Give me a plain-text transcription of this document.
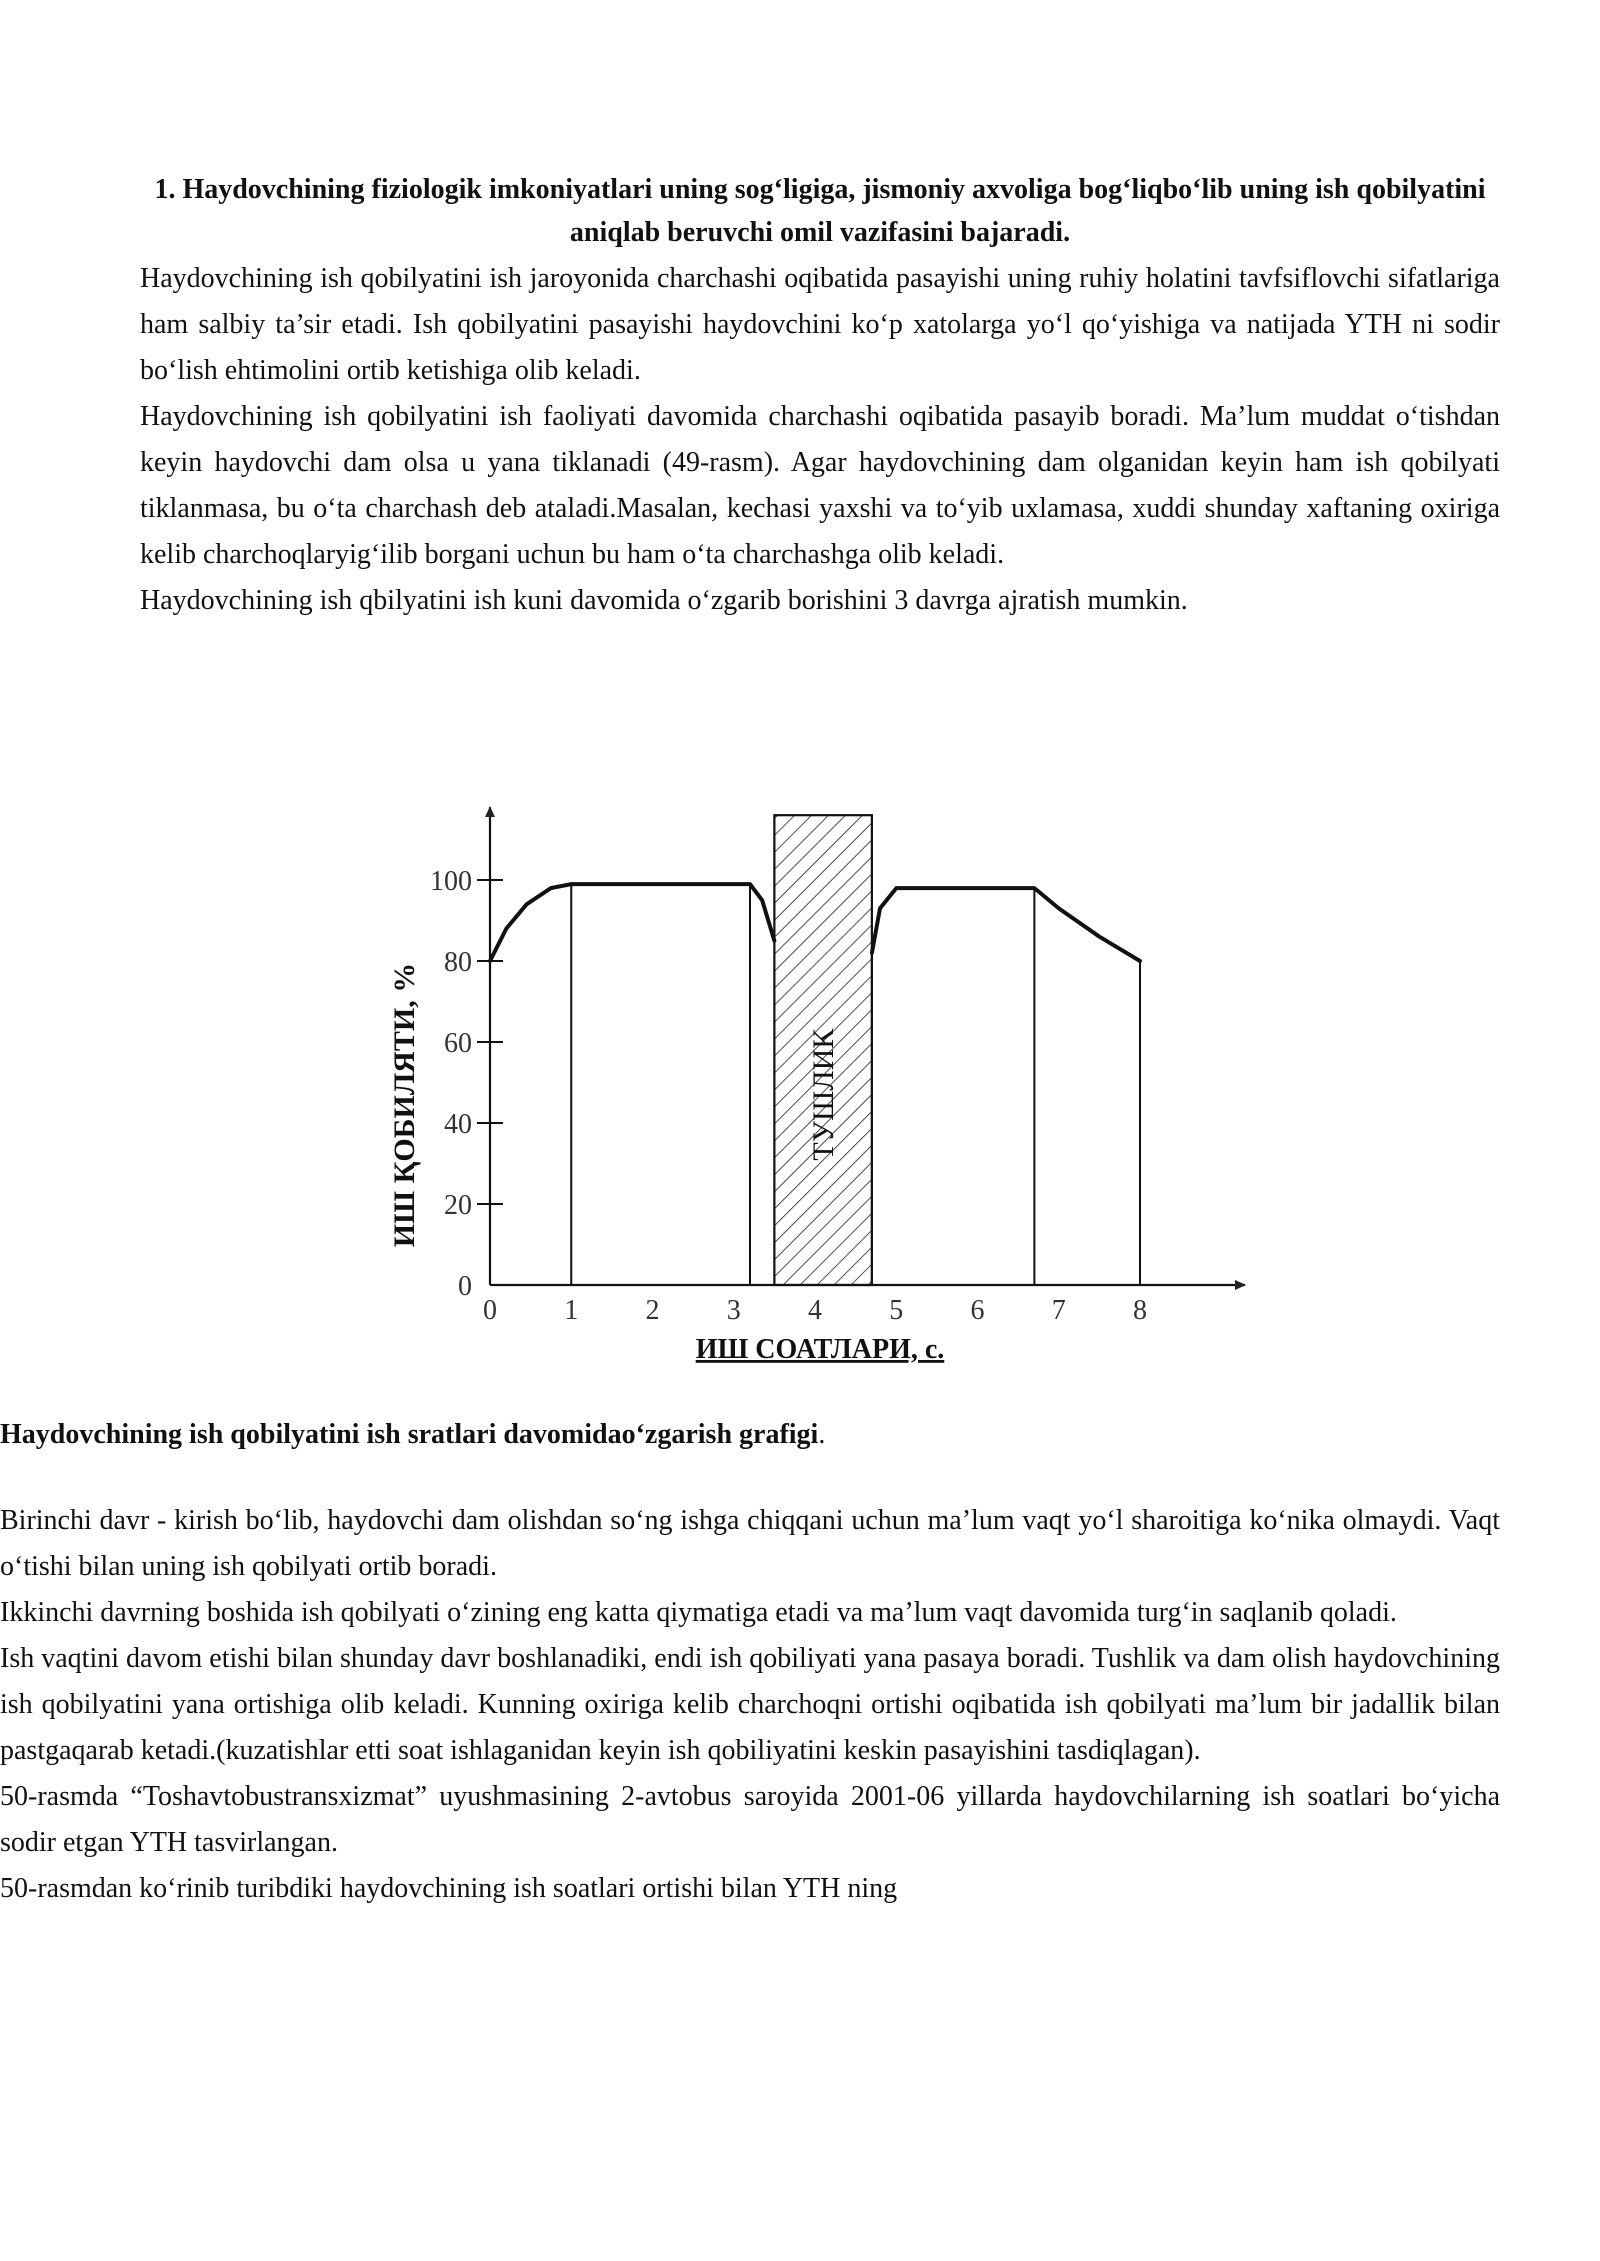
1. Haydovchining fiziologik imkoniyatlari uning sog‘ligiga, jismoniy axvoliga bog‘liqbo‘lib uning ish qobilyatini aniqlab beruvchi omil vazifasini bajaradi.

Haydovchining ish qobilyatini ish jaroyonida charchashi oqibatida pasayishi uning ruhiy holatini tavfsiflovchi sifatlariga ham salbiy ta’sir etadi. Ish qobilyatini pasayishi haydovchini ko‘p xatolarga yo‘l qo‘yishiga va natijada YTH ni sodir bo‘lish ehtimolini ortib ketishiga olib keladi.

Haydovchining ish qobilyatini ish faoliyati davomida charchashi oqibatida pasayib boradi. Ma’lum muddat o‘tishdan keyin haydovchi dam olsa u yana tiklanadi (49-rasm). Agar haydovchining dam olganidan keyin ham ish qobilyati tiklanmasa, bu o‘ta charchash deb ataladi.Masalan, kechasi yaxshi va to‘yib uxlamasa, xuddi shunday xaftaning oxiriga kelib charchoqlaryig‘ilib borgani uchun bu ham o‘ta charchashga olib keladi.

Haydovchining ish qbilyatini ish kuni davomida o‘zgarib borishini 3 davrga ajratish mumkin.

ТУШЛИК
0
20
40
60
80
100
0 1 2 3 4 5 6 7 8
ИШ ҚОБИЛЯТИ, %
ИШ СОАТЛАРИ, с.
Haydovchining ish qobilyatini ish sratlari davomidao‘zgarish grafigi.

Birinchi davr - kirish bo‘lib, haydovchi dam olishdan so‘ng ishga chiqqani uchun ma’lum vaqt yo‘l sharoitiga ko‘nika olmaydi. Vaqt o‘tishi bilan uning ish qobilyati ortib boradi.

Ikkinchi davrning boshida ish qobilyati o‘zining eng katta qiymatiga etadi va ma’lum vaqt davomida turg‘in saqlanib qoladi.

Ish vaqtini davom etishi bilan shunday davr boshlanadiki, endi ish qobiliyati yana pasaya boradi. Tushlik va dam olish haydovchining ish qobilyatini yana ortishiga olib keladi. Kunning oxiriga kelib charchoqni ortishi oqibatida ish qobilyati ma’lum bir jadallik bilan pastgaqarab ketadi.(kuzatishlar etti soat ishlaganidan keyin ish qobiliyatini keskin pasayishini tasdiqlagan).

50-rasmda “Toshavtobustransxizmat” uyushmasining 2-avtobus saroyida 2001-06 yillarda haydovchilarning ish soatlari bo‘yicha sodir etgan YTH tasvirlangan.

50-rasmdan ko‘rinib turibdiki haydovchining ish soatlari ortishi bilan YTH ning
